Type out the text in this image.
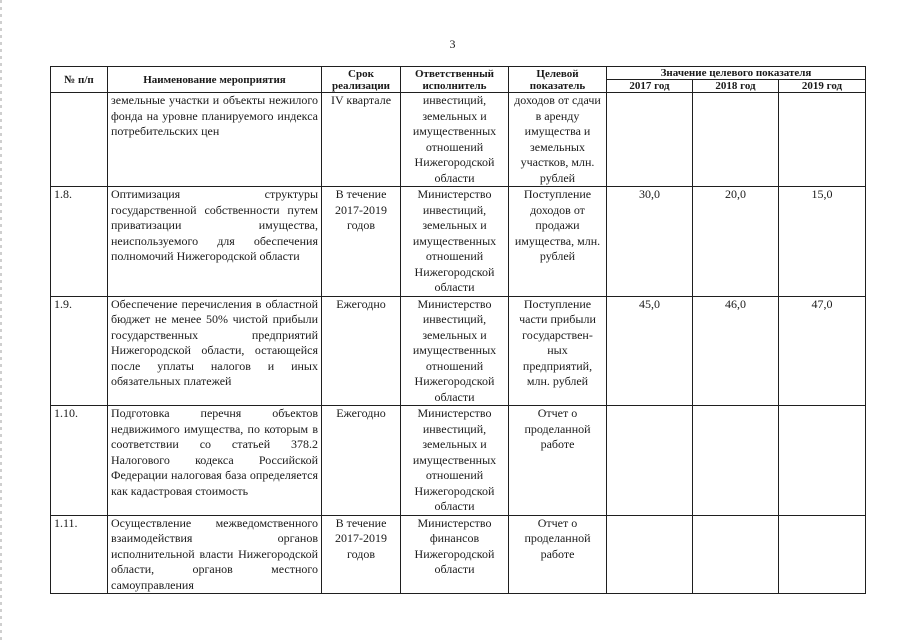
3
№ п/п	Наименование мероприятия	Срок реализации	Ответственный исполнитель	Целевой показатель	Значение целевого показателя		
					2017 год	2018 год	2019 год
	земельные участки и объекты нежилого фонда на уровне планируемого индекса потребительских цен	IV квартале	инвестиций, земельных и имущественных отношений Нижегородской области	доходов от сдачи в аренду имущества и земельных участков, млн. рублей			
1.8.	Оптимизация структуры государственной собственности путем приватизации имущества, неиспользуемого для обеспечения полномочий Нижегородской области	В течение 2017-2019 годов	Министерство инвестиций, земельных и имущественных отношений Нижегородской области	Поступление доходов от продажи имущества, млн. рублей	30,0	20,0	15,0
1.9.	Обеспечение перечисления в областной бюджет не менее 50% чистой прибыли государственных предприятий Нижегородской области, остающейся после уплаты налогов и иных обязательных платежей	Ежегодно	Министерство инвестиций, земельных и имущественных отношений Нижегородской области	Поступление части прибыли государствен-ных предприятий, млн. рублей	45,0	46,0	47,0
1.10.	Подготовка перечня объектов недвижимого имущества, по которым в соответствии со статьей 378.2 Налогового кодекса Российской Федерации налоговая база определяется как кадастровая стоимость	Ежегодно	Министерство инвестиций, земельных и имущественных отношений Нижегородской области	Отчет о проделанной работе			
1.11.	Осуществление межведомственного взаимодействия органов исполнительной власти Нижегородской области, органов местного самоуправления	В течение 2017-2019 годов	Министерство финансов Нижегородской области	Отчет о проделанной работе			
